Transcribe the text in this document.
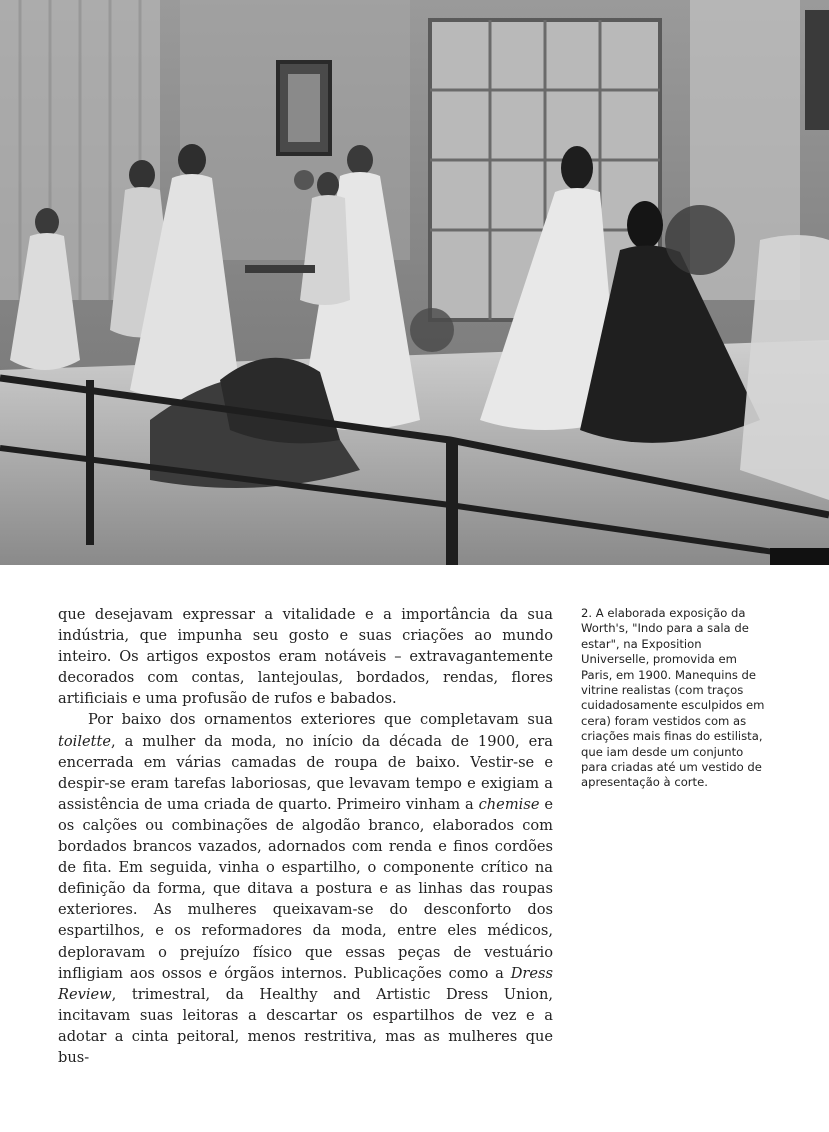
que desejavam expressar a vitalidade e a importância da sua indústria, que impunha seu gosto e suas criações ao mundo inteiro. Os artigos expostos eram notáveis – extravagantemente decorados com contas, lantejoulas, bordados, rendas, flores artificiais e uma profusão de rufos e babados.

Por baixo dos ornamentos exteriores que completavam sua toilette, a mulher da moda, no início da década de 1900, era encerrada em várias camadas de roupa de baixo. Vestir-se e despir-se eram tarefas laboriosas, que levavam tempo e exigiam a assistência de uma criada de quarto. Primeiro vinham a chemise e os calções ou combinações de algodão branco, elaborados com bordados brancos vazados, adornados com renda e finos cordões de fita. Em seguida, vinha o espartilho, o componente crítico na definição da forma, que ditava a postura e as linhas das roupas exteriores. As mulheres queixavam-se do desconforto dos espartilhos, e os reformadores da moda, entre eles médicos, deploravam o prejuízo físico que essas peças de vestuário infligiam aos ossos e órgãos internos. Publicações como a Dress Review, trimestral, da Healthy and Artistic Dress Union, incitavam suas leitoras a descartar os espartilhos de vez e a adotar a cinta peitoral, menos restritiva, mas as mulheres que bus-

2. A elaborada exposição da Worth's, "Indo para a sala de estar", na Exposition Universelle, promovida em Paris, em 1900. Manequins de vitrine realistas (com traços cuidadosamente esculpidos em cera) foram vestidos com as criações mais finas do estilista, que iam desde um conjunto para criadas até um vestido de apresentação à corte.
